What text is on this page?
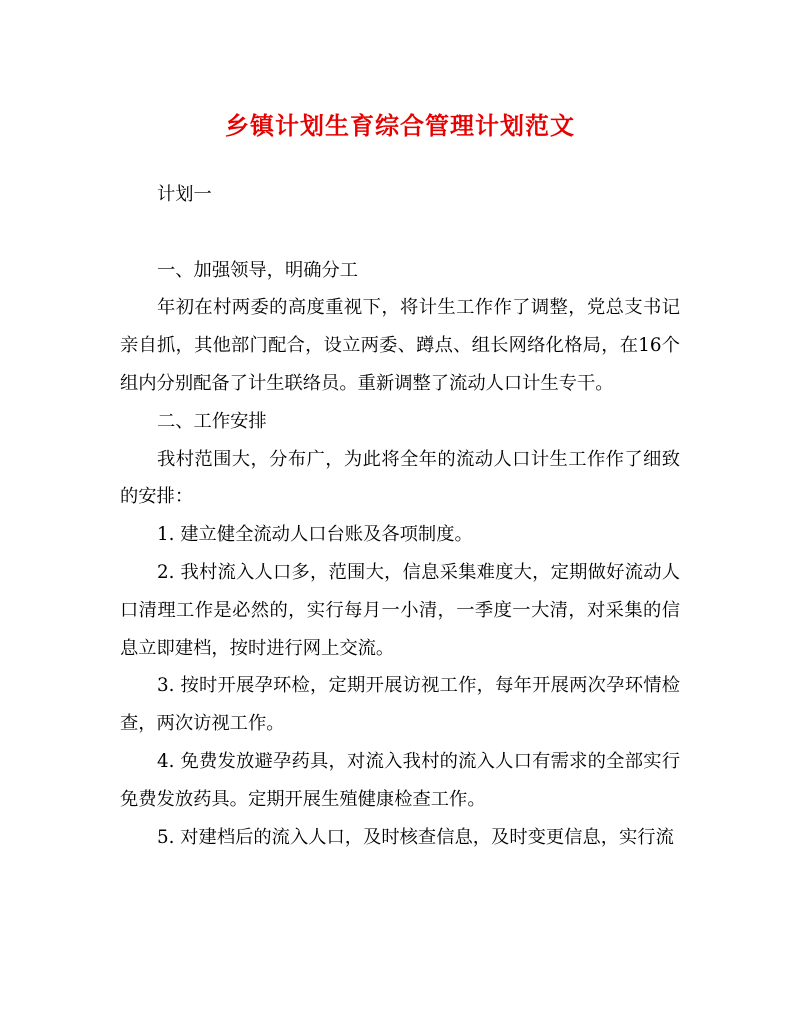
乡镇计划生育综合管理计划范文

计划一

一、加强领导，明确分工

年初在村两委的高度重视下，将计生工作作了调整，党总支书记亲自抓，其他部门配合，设立两委、蹲点、组长网络化格局，在16个组内分别配备了计生联络员。重新调整了流动人口计生专干。

二、工作安排

我村范围大，分布广，为此将全年的流动人口计生工作作了细致的安排：

1. 建立健全流动人口台账及各项制度。

2. 我村流入人口多，范围大，信息采集难度大，定期做好流动人口清理工作是必然的，实行每月一小清，一季度一大清，对采集的信息立即建档，按时进行网上交流。

3. 按时开展孕环检，定期开展访视工作，每年开展两次孕环情检查，两次访视工作。

4. 免费发放避孕药具，对流入我村的流入人口有需求的全部实行免费发放药具。定期开展生殖健康检查工作。

5. 对建档后的流入人口，及时核查信息，及时变更信息，实行流
